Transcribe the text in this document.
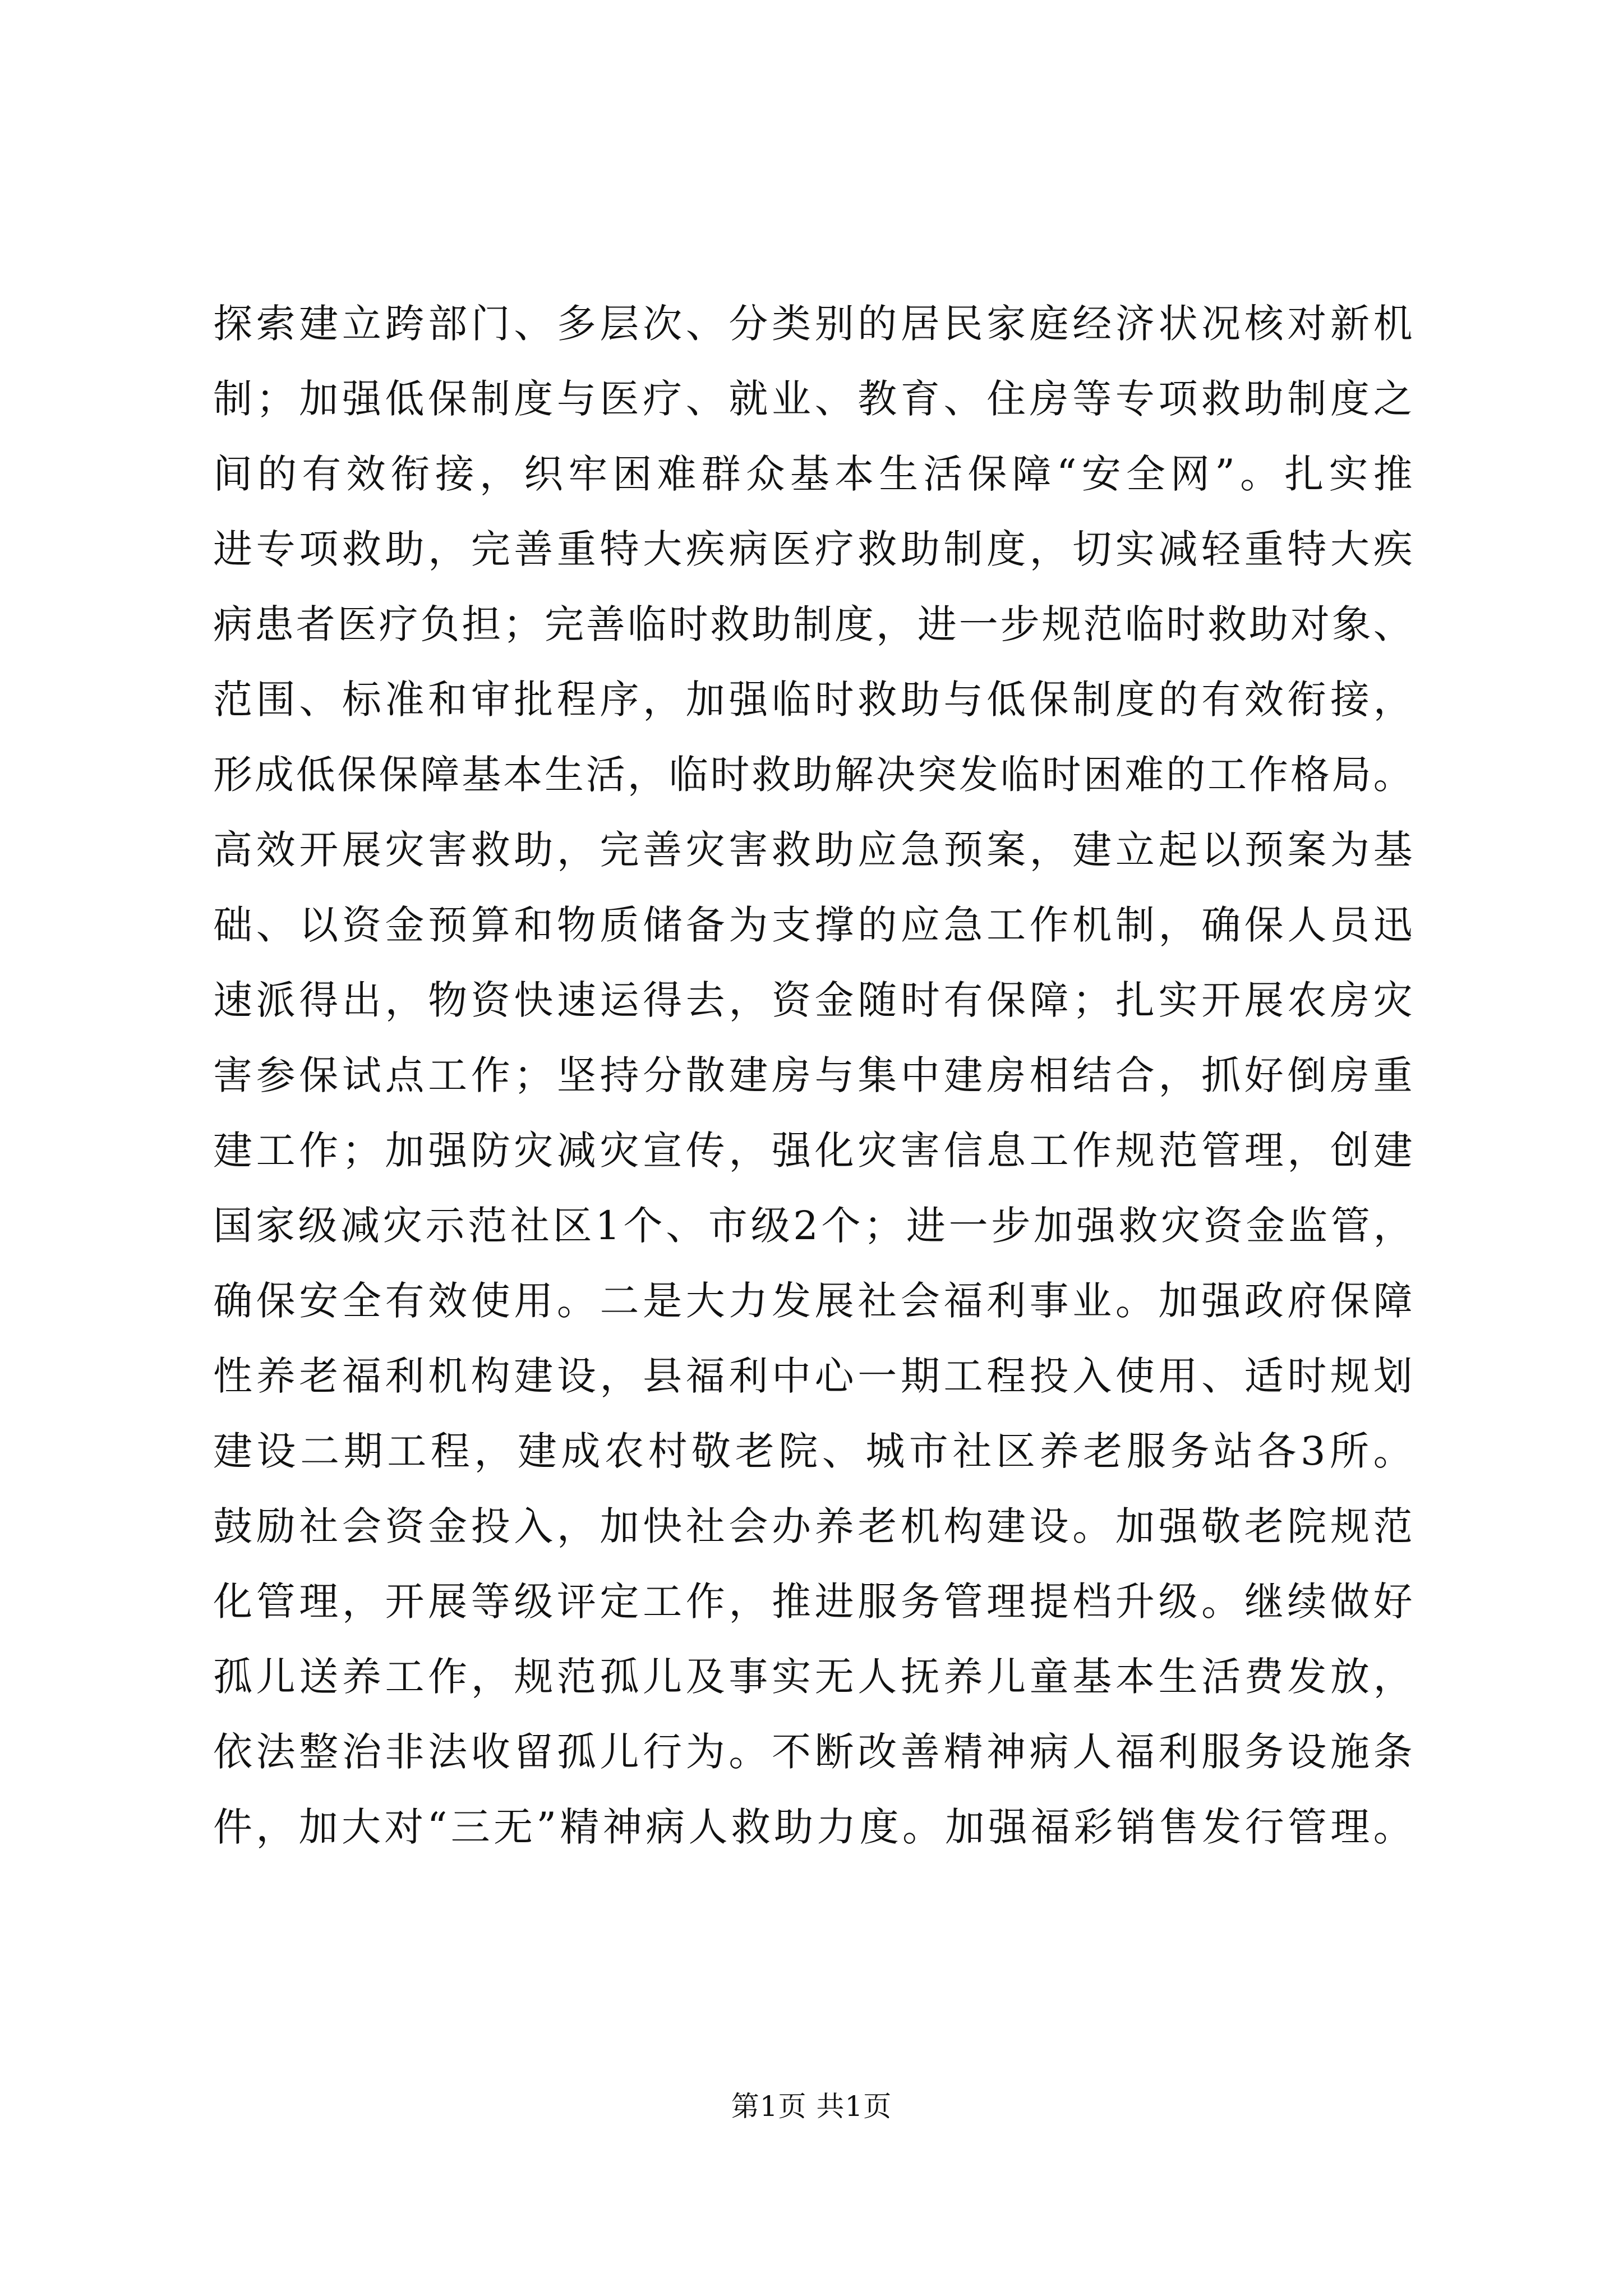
探索建立跨部门、多层次、分类别的居民家庭经济状况核对新机
制；加强低保制度与医疗、就业、教育、住房等专项救助制度之
间的有效衔接，织牢困难群众基本生活保障“安全网”。扎实推
进专项救助，完善重特大疾病医疗救助制度，切实减轻重特大疾
病患者医疗负担；完善临时救助制度，进一步规范临时救助对象、
范围、标准和审批程序，加强临时救助与低保制度的有效衔接，
形成低保保障基本生活，临时救助解决突发临时困难的工作格局。
高效开展灾害救助，完善灾害救助应急预案，建立起以预案为基
础、以资金预算和物质储备为支撑的应急工作机制，确保人员迅
速派得出，物资快速运得去，资金随时有保障；扎实开展农房灾
害参保试点工作；坚持分散建房与集中建房相结合，抓好倒房重
建工作；加强防灾减灾宣传，强化灾害信息工作规范管理，创建
国家级减灾示范社区1个、市级2个；进一步加强救灾资金监管，
确保安全有效使用。二是大力发展社会福利事业。加强政府保障
性养老福利机构建设，县福利中心一期工程投入使用、适时规划
建设二期工程，建成农村敬老院、城市社区养老服务站各3所。
鼓励社会资金投入，加快社会办养老机构建设。加强敬老院规范
化管理，开展等级评定工作，推进服务管理提档升级。继续做好
孤儿送养工作，规范孤儿及事实无人抚养儿童基本生活费发放，
依法整治非法收留孤儿行为。不断改善精神病人福利服务设施条
件，加大对“三无”精神病人救助力度。加强福彩销售发行管理。
第1页 共1页
